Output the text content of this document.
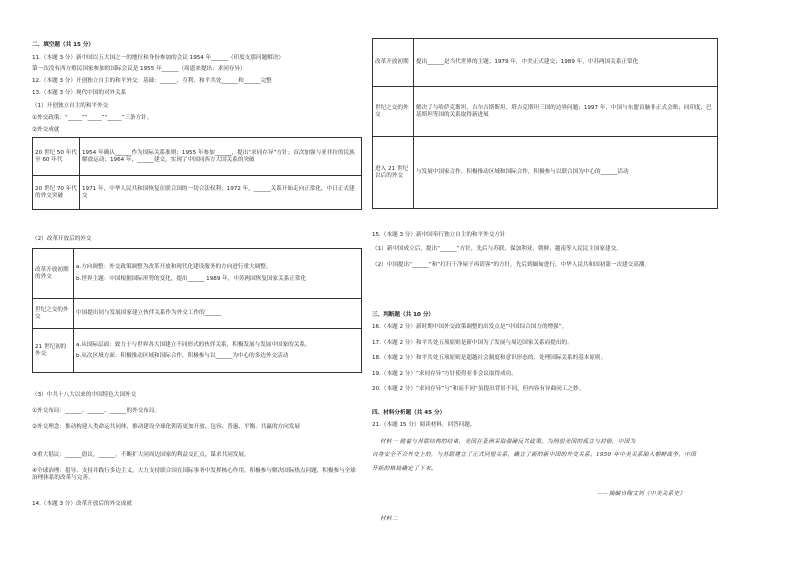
二、填空题（共 15 分）
11.（本题 3 分）新中国以五大国之一的地位和身份参加的会议 1954 年______（印度支那问题解决）
第一次没有西方殖民国家参加的国际会议是 1955 年______（周恩来提出：求同存异）
12.（本题 3 分）开创独立自主的和平外交：基础：______、互利、和平共处______和______完整
13.（本题 3 分）现代中国的对外关系
（1）开创独立自主的和平外交
①外交政策：“_____”“_____”“_____”三条方针。
②外交成就
20 世纪 50 年代至 60 年代	1954 年确认______作为国际关系准则；1955 年参加______，提出“求同存异”方针；首次加强与亚非拉的民族解放运动；1964 年，______建交，实现了中国同西方大国关系的突破
20 世纪 70 年代的外交突破	1971 年，中华人民共和国恢复在联合国的一切合法权利；1972 年，______关系开始走向正常化，中日正式建交
（2）改革开放后的外交
改革开放初期的外交	a.方向调整：外交政策调整为改革开放和现代化建设服务的方向进行重大调整。
b.世界主题：中国根据国际形势的变化，提出______ 1989 年，中苏两国恢复国家关系正常化

世纪之交的外交	中国提出同与发展国家建立伙伴关系作为外交工作的______

21 世纪初的外交	a.从国际层面：致力于与世界各大国建立不同形式的伙伴关系，积极发展与发展中国家的关系。
b.从次区域方面：积极推动区域和国际合作，积极参与以______为中心的多边外交活动
（3）中共十八大以来的中国特色大国外交
①外交布局：______、______、______的外交布局。
②外交理念：推动构建人类命运共同体，推动建设全球化朝着更加开放、包容、普惠、平衡、共赢的方向发展
③重大倡议：______倡议，______，不断扩大同周边国家的利益交汇点，谋求共同发展。
④全球治理：倡导、支持并践行多边主义，大力支持联合国在国际事务中发挥核心作用，积极参与解决国际热点问题，积极参与全球治理体系的改革与完善。
14.（本题 3 分）改革开放后的外交成就
改革开放初期	提出______是当代世界的主题；1979 年，中美正式建交；1989 年，中苏两国关系正常化
世纪之交的外交	解决了与哈萨克斯坦、吉尔吉斯斯坦、塔吉克斯坦三国的边界问题；1997 年，中国与东盟首脑非正式会晤；同印度、巴基斯坦等国的关系取得新进展
进入 21 世纪以后的外交	与发展中国家合作、积极推动区域和国际合作，积极参与以联合国为中心的______活动
15.（本题 3 分）新中国奉行独立自主的和平外交方针
（1）新中国成立后，提出“______”方针，先后与苏联、保加利亚、朝鲜、越南等人民民主国家建交。
（2）中国提出“______”和“打扫干净屋子再请客”的方针，先后到缅甸进行，中华人民共和国初第一次建交高潮。
三、判断题（共 10 分）
16.（本题 2 分）新时期中国外交政策调整的出发点是“中国综合国力的增强”。
17.（本题 2 分）和平共处五项原则是新中国为了发展与周边国家关系而提出的。
18.（本题 2 分）和平共处五项原则是超越社会制度和意识形态的、处理国际关系的基本原则。
19.（本题 2 分）“求同存异”方针使得亚非会议取得成功。
20.（本题 2 分）“求同存异”与“和而不同”虽提出背景不同，但内容有异曲同工之妙。
四、材料分析题（共 45 分）
21.（本题 15 分）阅读材料，回答问题。
材料一 随着与苏联结构的结束，美国在亚洲采取强硬反共政策。为削弱美国的孤立与封锁，中国为
自身安全不合外交上的，与苏联建立了正式同盟关系，确立了新的新中国的外交关系。1950 年中美关系陷入朝鲜战争。中国
开拓的格局确定了下来。
——摘编自陶文钊《中美关系史》
材料二
